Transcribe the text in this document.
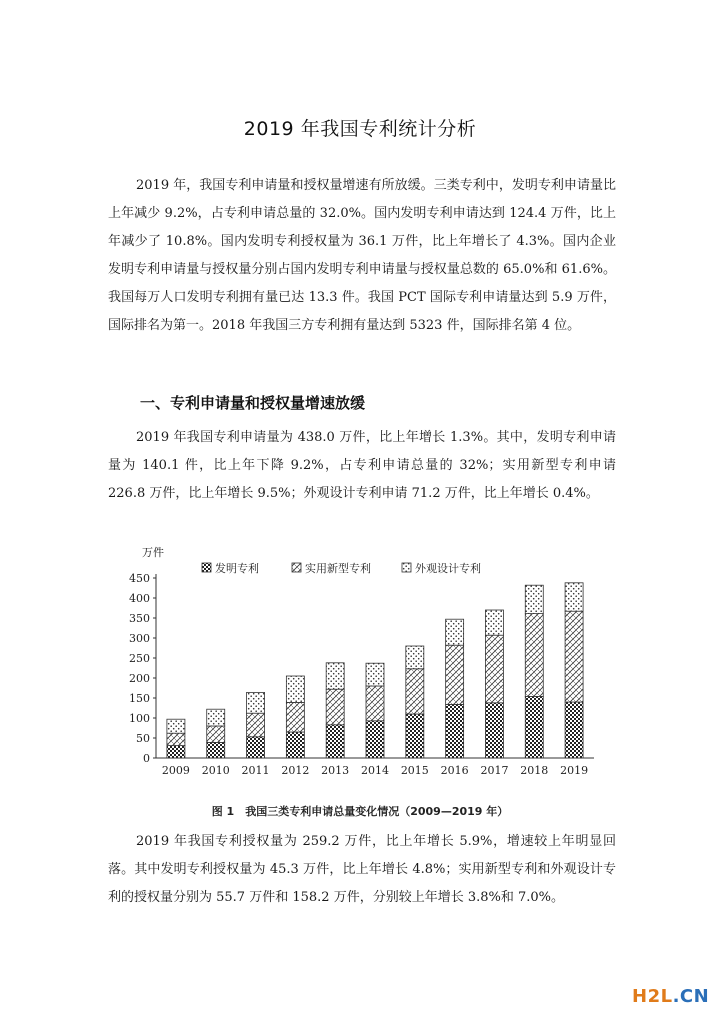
2019 年我国专利统计分析

2019 年，我国专利申请量和授权量增速有所放缓。三类专利中，发明专利申请量比上年减少 9.2%，占专利申请总量的 32.0%。国内发明专利申请达到 124.4 万件，比上年减少了 10.8%。国内发明专利授权量为 36.1 万件，比上年增长了 4.3%。国内企业发明专利申请量与授权量分别占国内发明专利申请量与授权量总数的 65.0%和 61.6%。我国每万人口发明专利拥有量已达 13.3 件。我国 PCT 国际专利申请量达到 5.9 万件，国际排名为第一。2018 年我国三方专利拥有量达到 5323 件，国际排名第 4 位。

一、专利申请量和授权量增速放缓

2019 年我国专利申请量为 438.0 万件，比上年增长 1.3%。其中，发明专利申请量为 140.1 件，比上年下降 9.2%，占专利申请总量的 32%；实用新型专利申请 226.8 万件，比上年增长 9.5%；外观设计专利申请 71.2 万件，比上年增长 0.4%。

万件
0
50
100
150
200
250
300
350
400
450
2009 2010 2011 2012 2013 2014 2015 2016 2017 2018 2019
发明专利	实用新型专利	外观设计专利
图 1　我国三类专利申请总量变化情况（2009—2019 年）

2019 年我国专利授权量为 259.2 万件，比上年增长 5.9%，增速较上年明显回落。其中发明专利授权量为 45.3 万件，比上年增长 4.8%；实用新型专利和外观设计专利的授权量分别为 55.7 万件和 158.2 万件，分别较上年增长 3.8%和 7.0%。

H2L.CN
